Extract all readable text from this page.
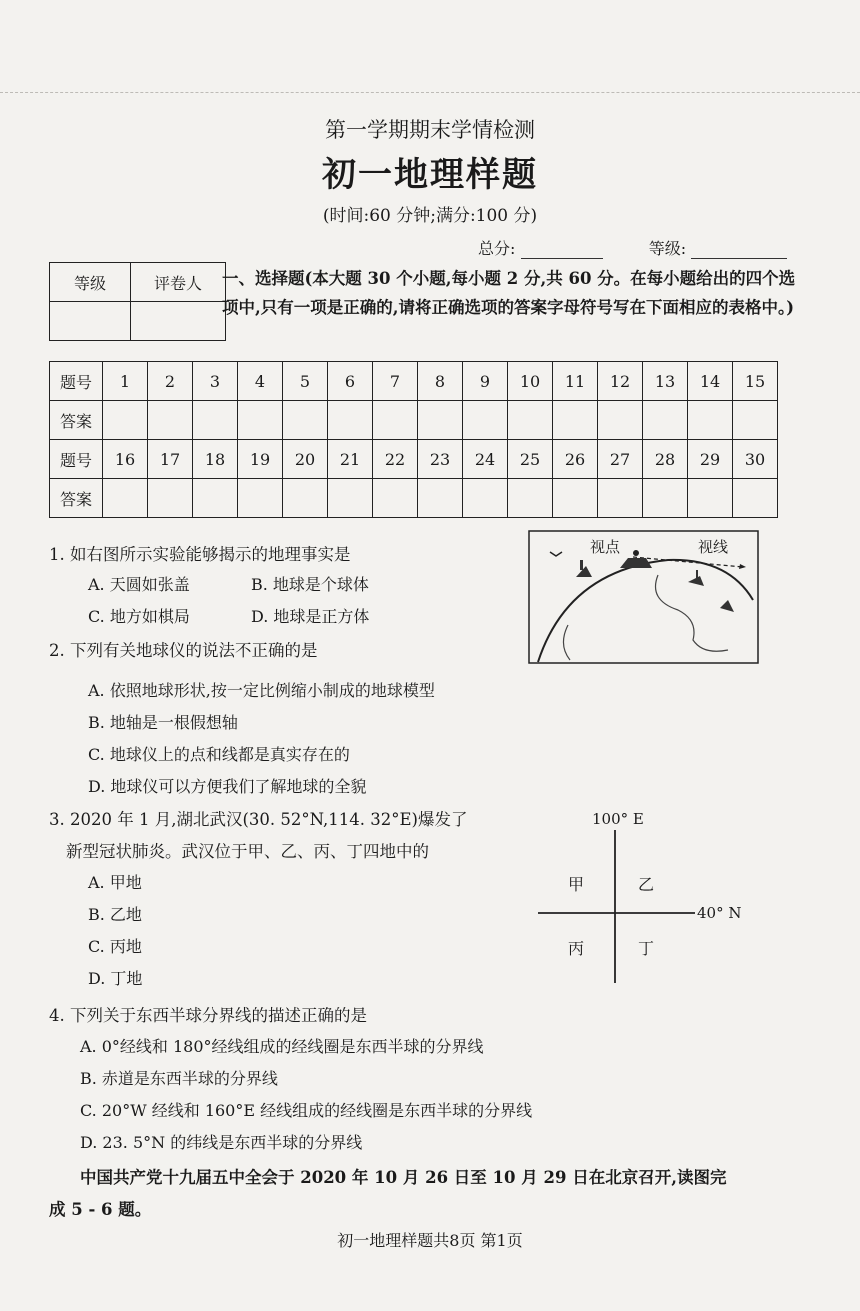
第一学期期末学情检测
初一地理样题
(时间:60 分钟;满分:100 分)
总分:	等级:
等级	评卷人
	一、选择题(本大题 30 个小题,每小题 2 分,共 60 分。在每小题给出的四个选项中,只有一项是正确的,请将正确选项的答案字母符号写在下面相应的表格中。)
题号	1	2	3	4	5	6	7	8	9	10	11	12	13	14	15
答案															
题号	16	17	18	19	20	21	22	23	24	25	26	27	28	29	30
答案															
1. 如右图所示实验能够揭示的地理事实是
A. 天圆如张盖	B. 地球是个球体
C. 地方如棋局	D. 地球是正方体
视点	视线
2. 下列有关地球仪的说法不正确的是
A. 依照地球形状,按一定比例缩小制成的地球模型
B. 地轴是一根假想轴
C. 地球仪上的点和线都是真实存在的
D. 地球仪可以方便我们了解地球的全貌
3. 2020 年 1 月,湖北武汉(30. 52°N,114. 32°E)爆发了
新型冠状肺炎。武汉位于甲、乙、丙、丁四地中的
A. 甲地
B. 乙地
C. 丙地
D. 丁地
100° E
40° N
甲	乙
丙	丁
4. 下列关于东西半球分界线的描述正确的是
A. 0°经线和 180°经线组成的经线圈是东西半球的分界线
B. 赤道是东西半球的分界线
C. 20°W 经线和 160°E 经线组成的经线圈是东西半球的分界线
D. 23. 5°N 的纬线是东西半球的分界线
中国共产党十九届五中全会于 2020 年 10 月 26 日至 10 月 29 日在北京召开,读图完
成 5 - 6 题。
初一地理样题共8页 第1页
